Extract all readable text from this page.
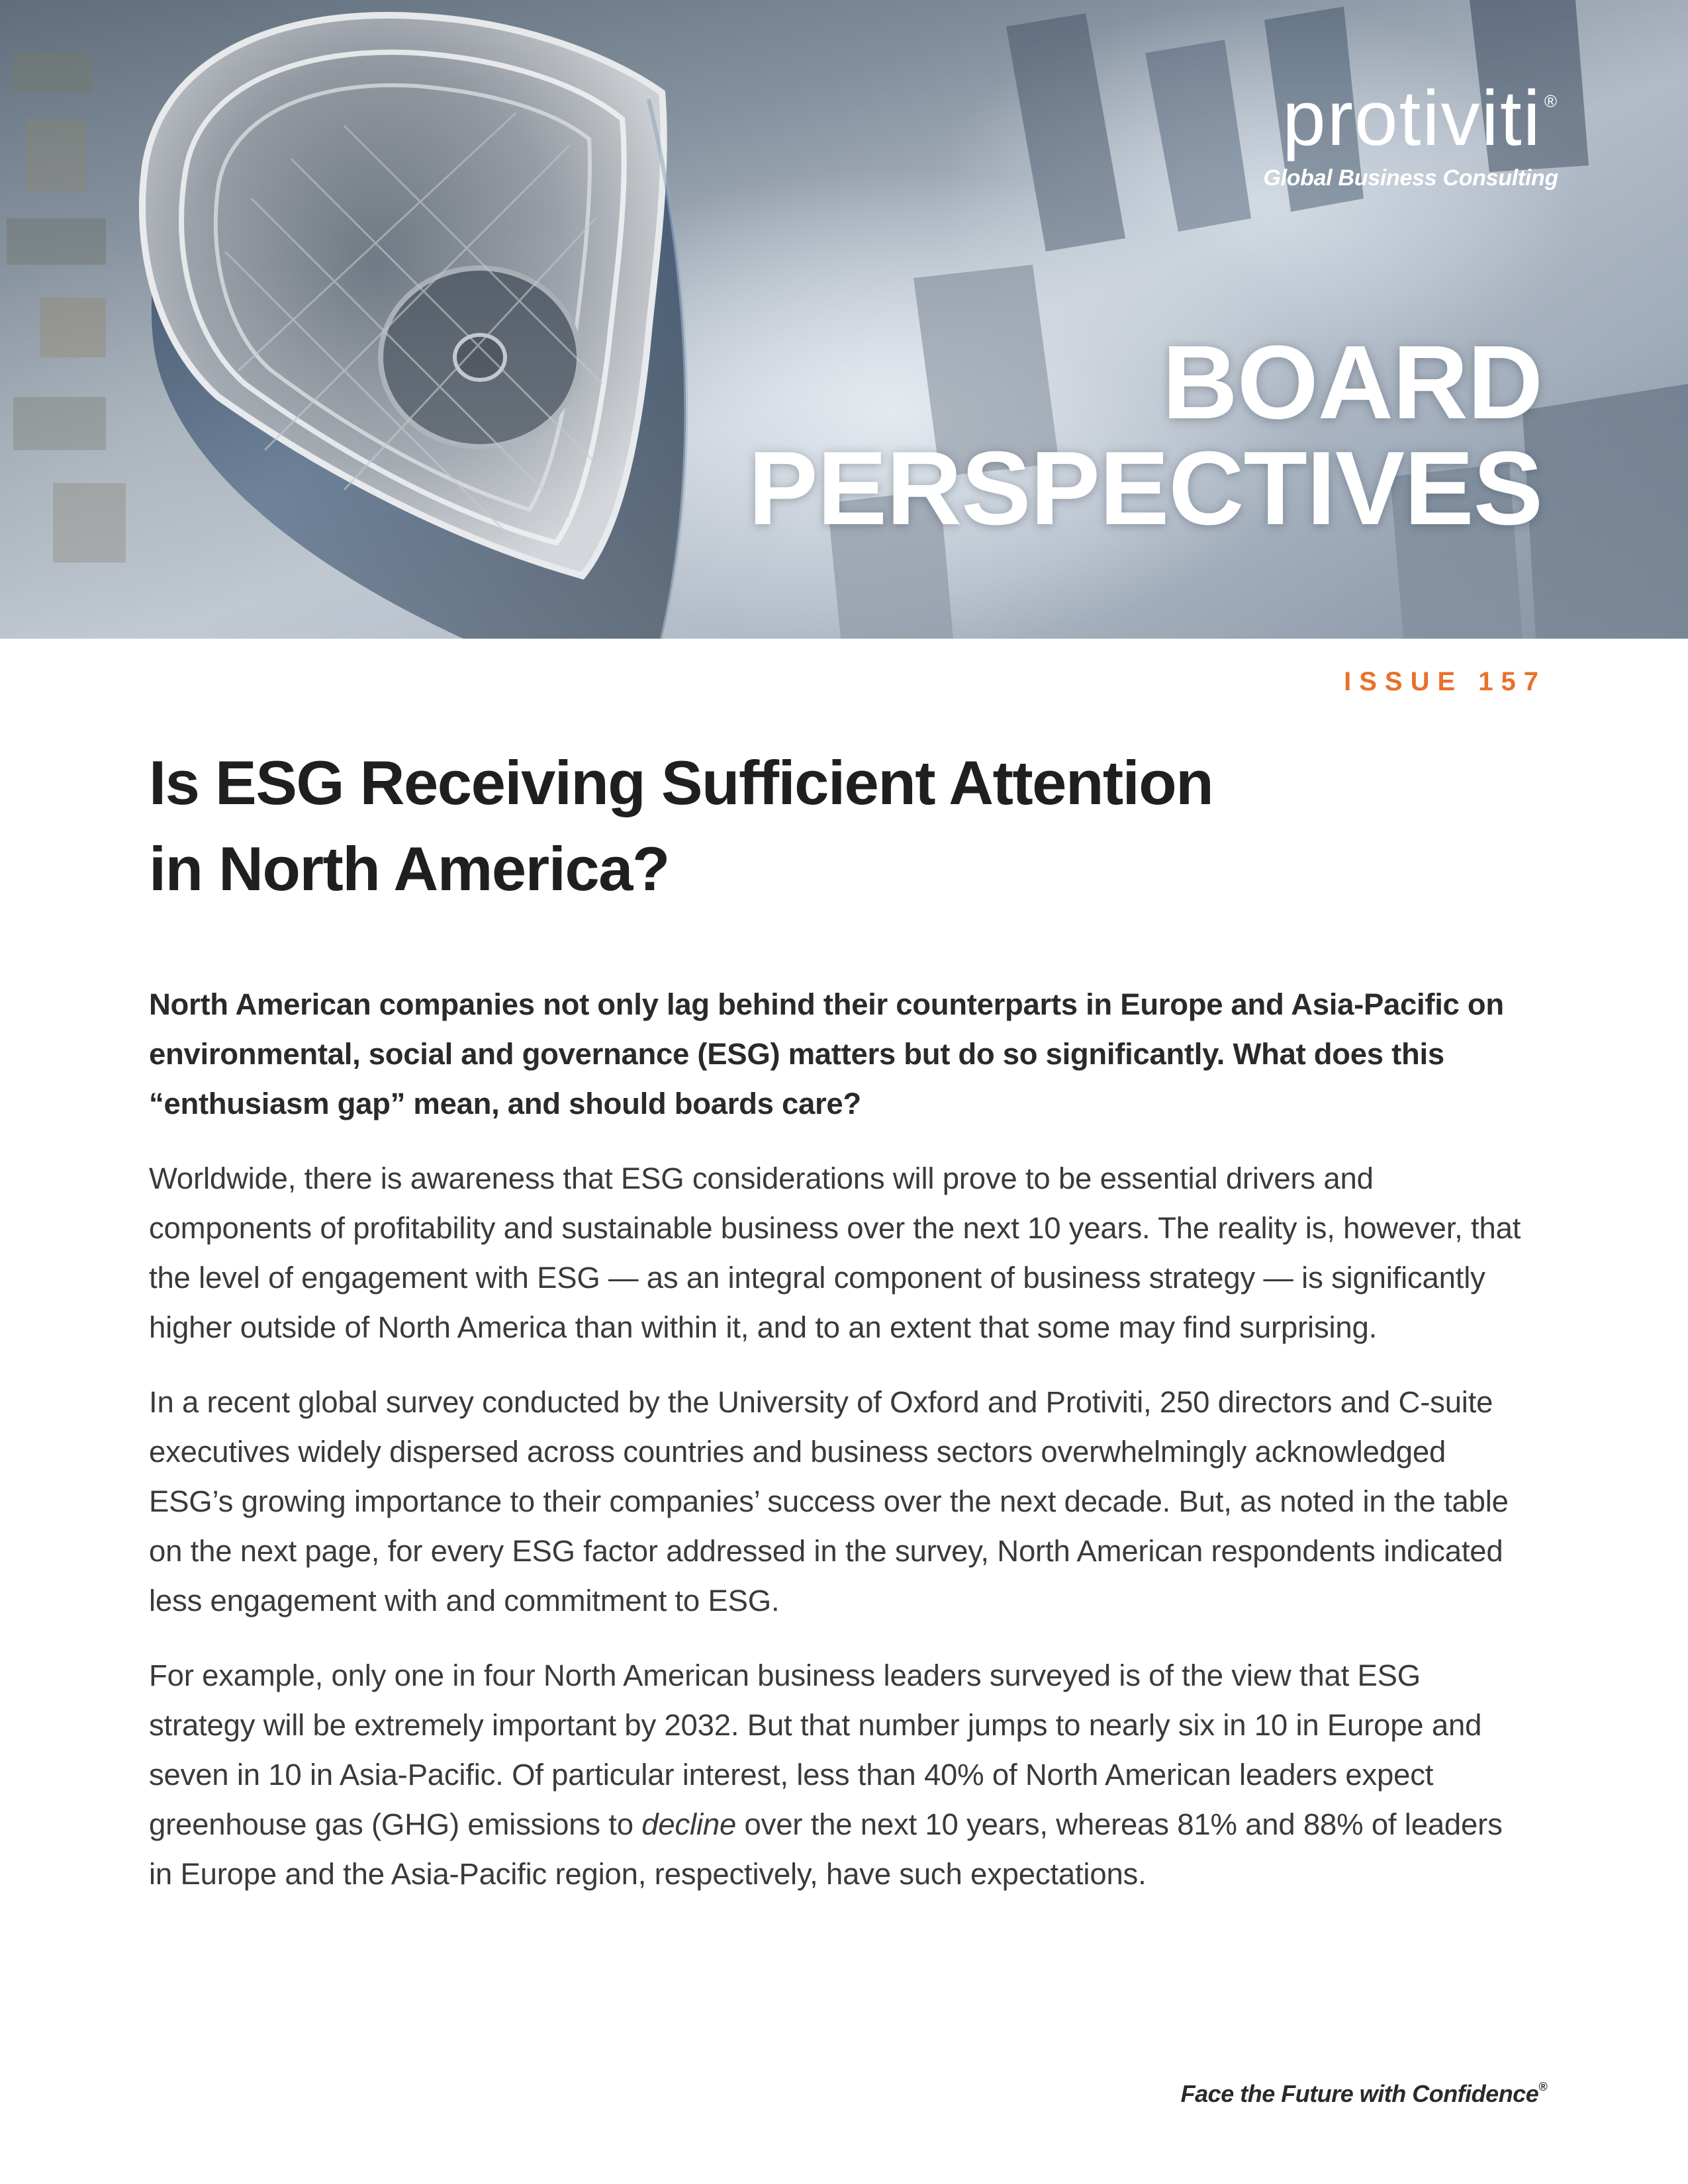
protiviti ®
Global Business Consulting
BOARD
PERSPECTIVES
ISSUE 157
Is ESG Receiving Sufficient Attention
in North America?

North American companies not only lag behind their counterparts in Europe and Asia-Pacific on environmental, social and governance (ESG) matters but do so significantly. What does this “enthusiasm gap” mean, and should boards care?

Worldwide, there is awareness that ESG considerations will prove to be essential drivers and components of profitability and sustainable business over the next 10 years. The reality is, however, that the level of engagement with ESG — as an integral component of business strategy — is significantly higher outside of North America than within it, and to an extent that some may find surprising.

In a recent global survey conducted by the University of Oxford and Protiviti, 250 directors and C-suite executives widely dispersed across countries and business sectors overwhelmingly acknowledged ESG’s growing importance to their companies’ success over the next decade. But, as noted in the table on the next page, for every ESG factor addressed in the survey, North American respondents indicated less engagement with and commitment to ESG.

For example, only one in four North American business leaders surveyed is of the view that ESG strategy will be extremely important by 2032. But that number jumps to nearly six in 10 in Europe and seven in 10 in Asia-Pacific. Of particular interest, less than 40% of North American leaders expect greenhouse gas (GHG) emissions to decline over the next 10 years, whereas 81% and 88% of leaders in Europe and the Asia-Pacific region, respectively, have such expectations.

Face the Future with Confidence®
